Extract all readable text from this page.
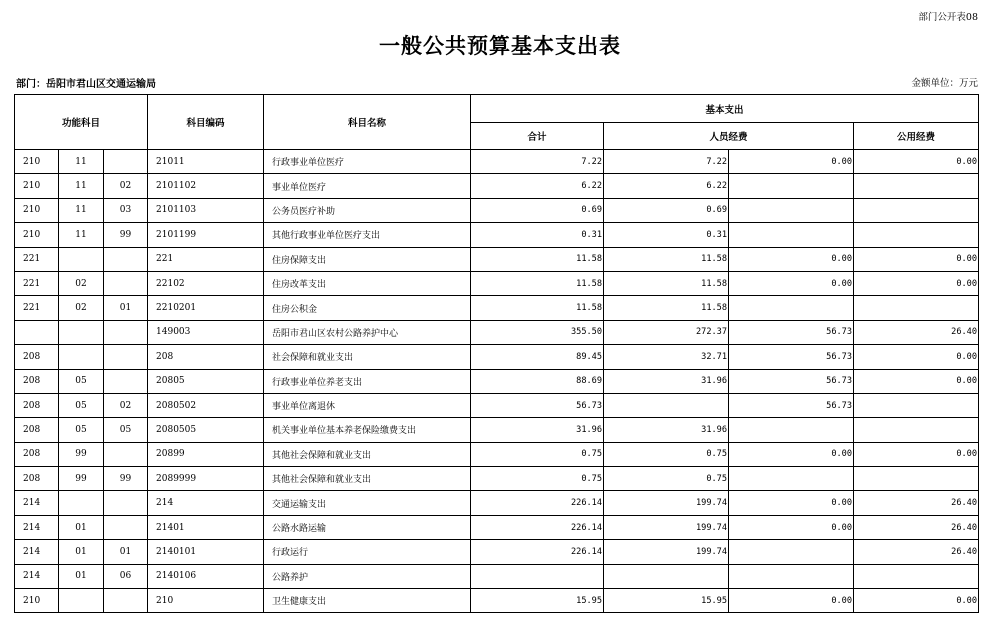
部门公开表08
一般公共预算基本支出表
部门：岳阳市君山区交通运输局	金额单位：万元
功能科目			科目编码	科目名称	基本支出			
					合计	人员经费		公用经费
210	11		21011	行政事业单位医疗	7.22	7.22	0.00	0.00
210	11	02	2101102	事业单位医疗	6.22	6.22		
210	11	03	2101103	公务员医疗补助	0.69	0.69		
210	11	99	2101199	其他行政事业单位医疗支出	0.31	0.31		
221			221	住房保障支出	11.58	11.58	0.00	0.00
221	02		22102	住房改革支出	11.58	11.58	0.00	0.00
221	02	01	2210201	住房公积金	11.58	11.58		
			149003	岳阳市君山区农村公路养护中心	355.50	272.37	56.73	26.40
208			208	社会保障和就业支出	89.45	32.71	56.73	0.00
208	05		20805	行政事业单位养老支出	88.69	31.96	56.73	0.00
208	05	02	2080502	事业单位离退休	56.73		56.73	
208	05	05	2080505	机关事业单位基本养老保险缴费支出	31.96	31.96		
208	99		20899	其他社会保障和就业支出	0.75	0.75	0.00	0.00
208	99	99	2089999	其他社会保障和就业支出	0.75	0.75		
214			214	交通运输支出	226.14	199.74	0.00	26.40
214	01		21401	公路水路运输	226.14	199.74	0.00	26.40
214	01	01	2140101	行政运行	226.14	199.74		26.40
214	01	06	2140106	公路养护				
210			210	卫生健康支出	15.95	15.95	0.00	0.00
